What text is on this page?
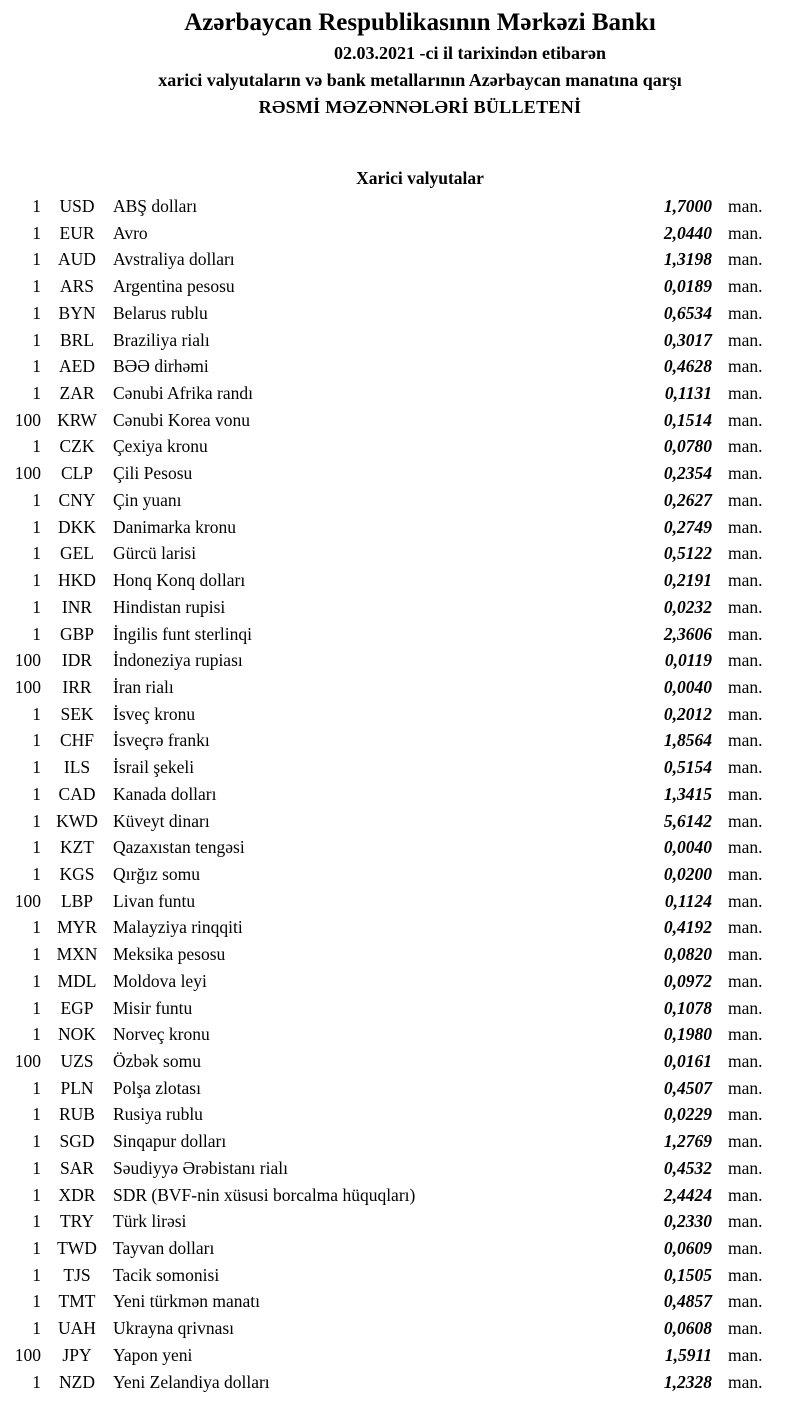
Azərbaycan Respublikasının Mərkəzi Bankı
02.03.2021 -ci il tarixindən etibarən
xarici valyutaların və bank metallarının Azərbaycan manatına qarşı
RƏSMİ MƏZƏNNƏLƏRİ BÜLLETENİ
Xarici valyutalar
1	USD	ABŞ dolları	1,7000 man.
1	EUR	Avro	2,0440 man.
1 AUD Avstraliya dolları	1,3198 man.
1	ARS	Argentina pesosu	0,0189 man.
1	BYN	Belarus rublu	0,6534 man.
1	BRL	Braziliya rialı	0,3017 man.
1	AED	BƏƏ dirhəmi	0,4628 man.
1	ZAR	Cənubi Afrika randı	0,1131 man.
100 KRW Cənubi Korea vonu	0,1514 man.
1	CZK	Çexiya kronu	0,0780 man.
100	CLP	Çili Pesosu	0,2354 man.
1	CNY	Çin yuanı	0,2627 man.
1 DKK Danimarka kronu	0,2749 man.
1	GEL	Gürcü larisi	0,5122 man.
1 HKD Honq Konq dolları	0,2191 man.
1	INR	Hindistan rupisi	0,0232 man.
1	GBP	İngilis funt sterlinqi	2,3606 man.
100	IDR	İndoneziya rupiası	0,0119 man.
100	IRR	İran rialı	0,0040 man.
1	SEK	İsveç kronu	0,2012 man.
1	CHF	İsveçrə frankı	1,8564 man.
1	ILS	İsrail şekeli	0,5154 man.
1	CAD	Kanada dolları	1,3415 man.
1 KWD Küveyt dinarı	5,6142 man.
1	KZT	Qazaxıstan tengəsi	0,0040 man.
1	KGS	Qırğız somu	0,0200 man.
100	LBP	Livan funtu	0,1124 man.
1 MYR Malayziya rinqqiti	0,4192 man.
1 MXN Meksika pesosu	0,0820 man.
1 MDL Moldova leyi	0,0972 man.
1	EGP	Misir funtu	0,1078 man.
1 NOK Norveç kronu	0,1980 man.
100	UZS	Özbək somu	0,0161 man.
1	PLN	Polşa zlotası	0,4507 man.
1	RUB	Rusiya rublu	0,0229 man.
1	SGD	Sinqapur dolları	1,2769 man.
1	SAR	Səudiyyə Ərəbistanı rialı	0,4532 man.
1	XDR	SDR (BVF-nin xüsusi borcalma hüquqları)	2,4424 man.
1	TRY	Türk lirəsi	0,2330 man.
1 TWD Tayvan dolları	0,0609 man.
1	TJS	Tacik somonisi	0,1505 man.
1	TMT	Yeni türkmən manatı	0,4857 man.
1 UAH Ukrayna qrivnası	0,0608 man.
100	JPY	Yapon yeni	1,5911 man.
1	NZD	Yeni Zelandiya dolları	1,2328 man.
